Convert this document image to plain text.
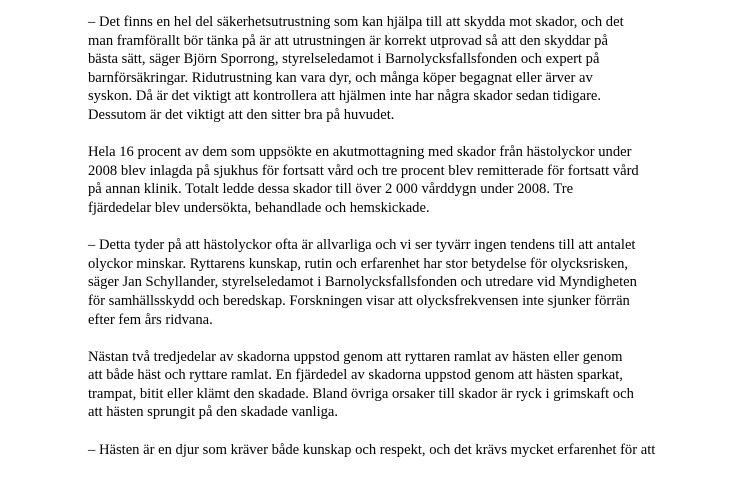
– Det finns en hel del säkerhetsutrustning som kan hjälpa till att skydda mot skador, och det
man framförallt bör tänka på är att utrustningen är korrekt utprovad så att den skyddar på
bästa sätt, säger Björn Sporrong, styrelseledamot i Barnolycksfallsfonden och expert på
barnförsäkringar. Ridutrustning kan vara dyr, och många köper begagnat eller ärver av
syskon. Då är det viktigt att kontrollera att hjälmen inte har några skador sedan tidigare.
Dessutom är det viktigt att den sitter bra på huvudet.

Hela 16 procent av dem som uppsökte en akutmottagning med skador från hästolyckor under
2008 blev inlagda på sjukhus för fortsatt vård och tre procent blev remitterade för fortsatt vård
på annan klinik. Totalt ledde dessa skador till över 2 000 vårddygn under 2008. Tre
fjärdedelar blev undersökta, behandlade och hemskickade.

– Detta tyder på att hästolyckor ofta är allvarliga och vi ser tyvärr ingen tendens till att antalet
olyckor minskar. Ryttarens kunskap, rutin och erfarenhet har stor betydelse för olycksrisken,
säger Jan Schyllander, styrelseledamot i Barnolycksfallsfonden och utredare vid Myndigheten
för samhällsskydd och beredskap. Forskningen visar att olycksfrekvensen inte sjunker förrän
efter fem års ridvana.

Nästan två tredjedelar av skadorna uppstod genom att ryttaren ramlat av hästen eller genom
att både häst och ryttare ramlat. En fjärdedel av skadorna uppstod genom att hästen sparkat,
trampat, bitit eller klämt den skadade. Bland övriga orsaker till skador är ryck i grimskaft och
att hästen sprungit på den skadade vanliga.

– Hästen är en djur som kräver både kunskap och respekt, och det krävs mycket erfarenhet för att
